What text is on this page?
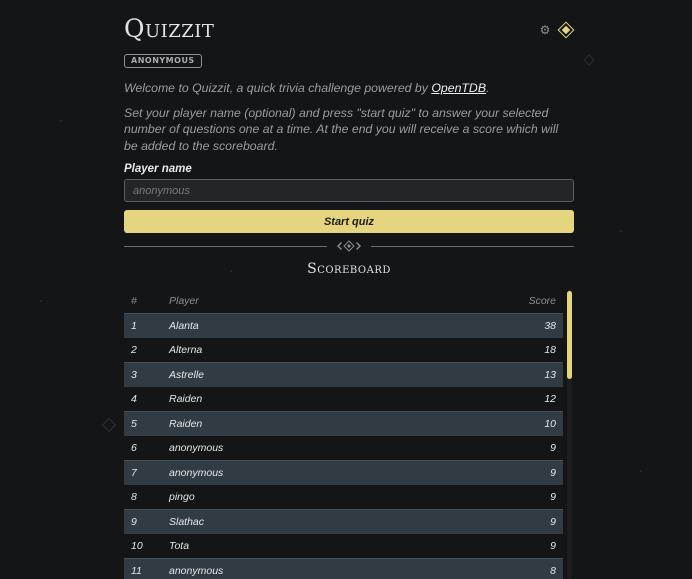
Quizzit	⚙
ANONYMOUS

Welcome to Quizzit, a quick trivia challenge powered by OpenTDB.

Set your player name (optional) and press "start quiz" to answer your selected number of questions one at a time. At the end you will receive a score which will be added to the scoreboard.

Player name
anonymous
Start quiz
Scoreboard
#	Player	Score
1	Alanta	38
2	Alterna	18
3	Astrelle	13
4	Raiden	12
5	Raiden	10
6	anonymous	9
7	anonymous	9
8	pingo	9
9	Slathac	9
10	Tota	9
11	anonymous	8
